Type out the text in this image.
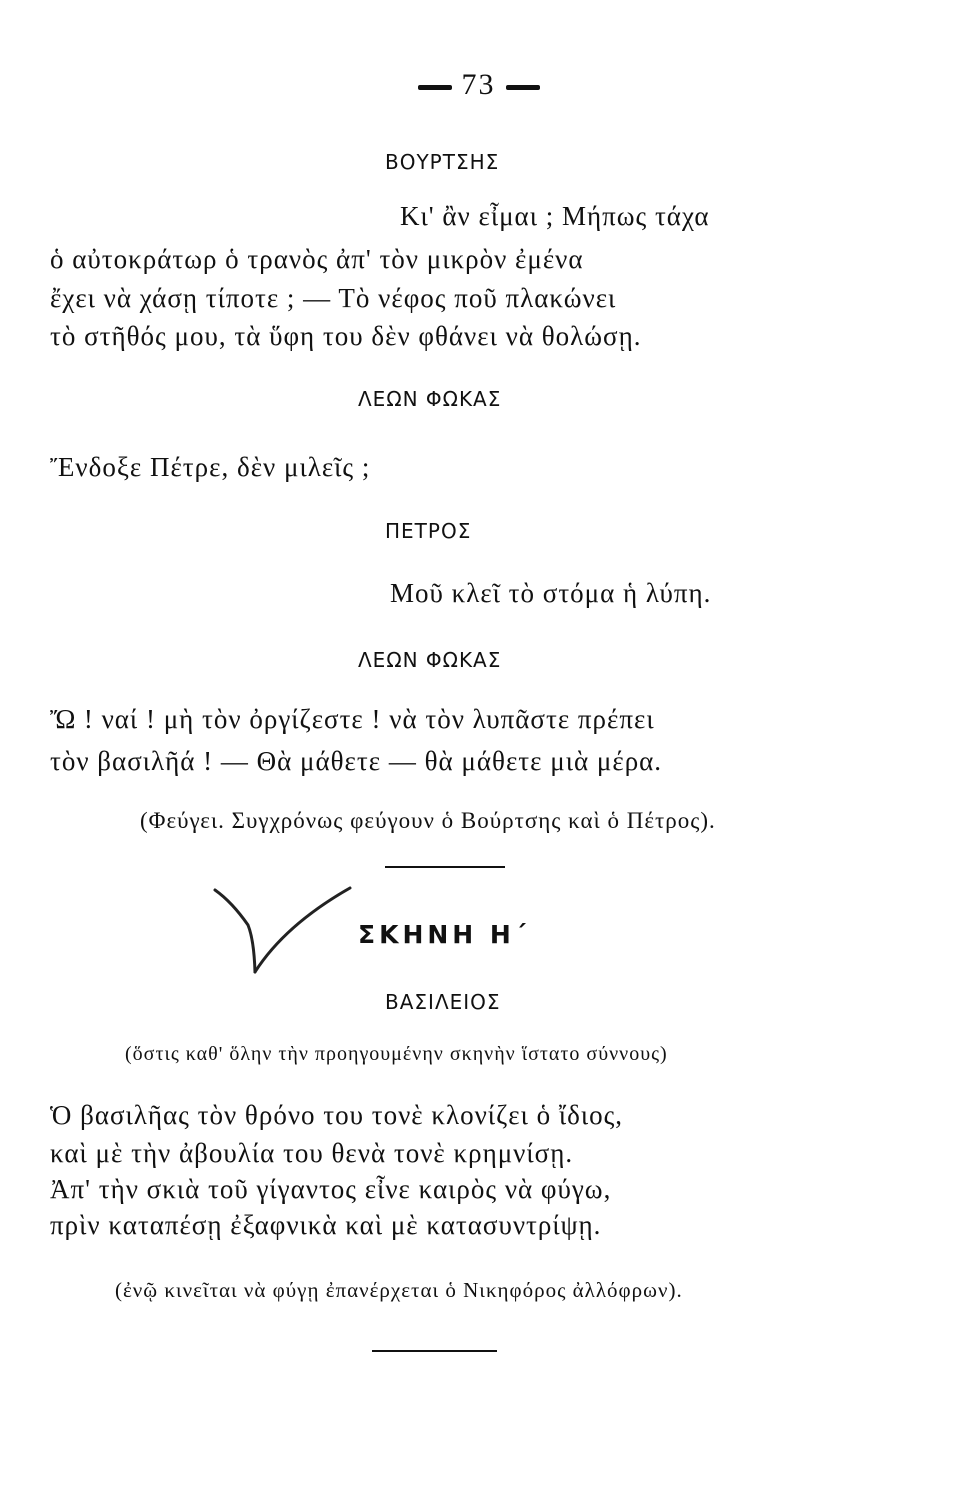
73
ΒΟΥΡΤΣΗΣ
Κι' ἂν εἶμαι ; Μήπως τάχα
ὁ αὐτοκράτωρ ὁ τρανὸς ἀπ' τὸν μικρὸν ἐμένα
ἔχει νὰ χάσῃ τίποτε ; — Τὸ νέφος ποῦ πλακώνει
τὸ στῆθός μου, τὰ ὕφη του δὲν φθάνει νὰ θολώσῃ.
ΛΕΩΝ ΦΩΚΑΣ
Ἔνδοξε Πέτρε, δὲν μιλεῖς ;
ΠΕΤΡΟΣ
Μοῦ κλεῖ τὸ στόμα ἡ λύπη.
ΛΕΩΝ ΦΩΚΑΣ
Ὤ ! ναί ! μὴ τὸν ὀργίζεστε ! νὰ τὸν λυπᾶστε πρέπει
τὸν βασιλῆά ! — Θὰ μάθετε — θὰ μάθετε μιὰ μέρα.
(Φεύγει. Συγχρόνως φεύγουν ὁ Βούρτσης καὶ ὁ Πέτρος).
ΣΚΗΝΗ Η΄
ΒΑΣΙΛΕΙΟΣ
(ὅστις καθ' ὅλην τὴν προηγουμένην σκηνὴν ἵστατο σύννους)
Ὁ βασιλῆας τὸν θρόνο του τονὲ κλονίζει ὁ ἴδιος,
καὶ μὲ τὴν ἀβουλία του θενὰ τονὲ κρημνίσῃ.
Ἀπ' τὴν σκιὰ τοῦ γίγαντος εἶνε καιρὸς νὰ φύγω,
πρὶν καταπέσῃ ἐξαφνικὰ καὶ μὲ κατασυντρίψῃ.
(ἐνῷ κινεῖται νὰ φύγῃ ἐπανέρχεται ὁ Νικηφόρος ἀλλόφρων).
